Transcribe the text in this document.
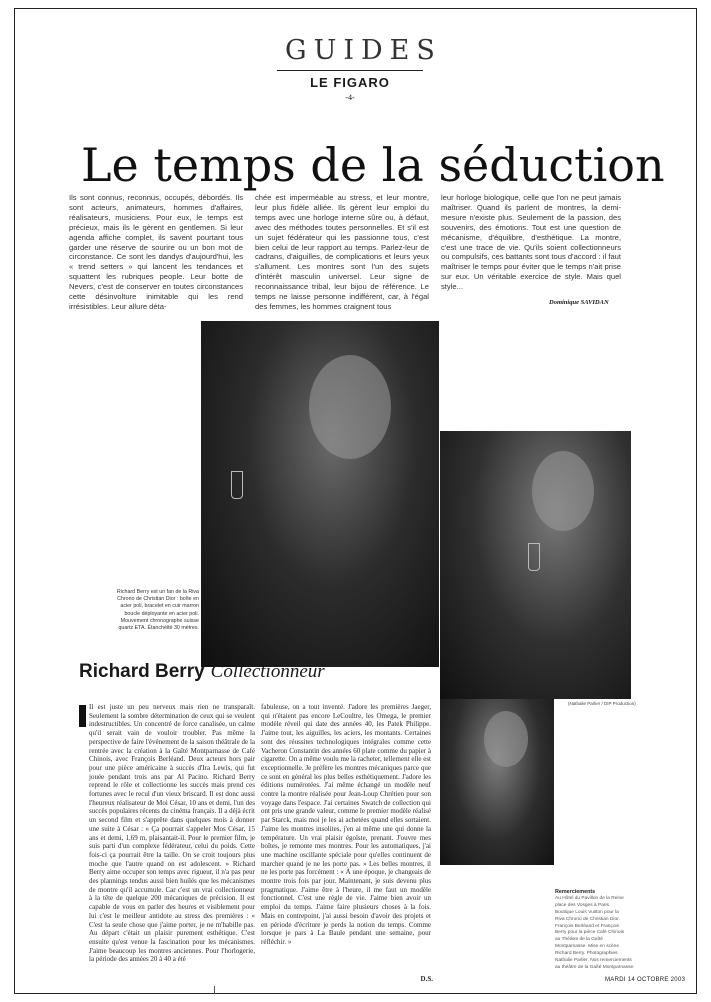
GUIDES
LE FIGARO
-4-
Le temps de la séduction

Ils sont connus, reconnus, occupés, débordés. Ils sont acteurs, animateurs, hommes d'affaires, réalisateurs, musiciens. Pour eux, le temps est précieux, mais ils le gèrent en gentlemen. Si leur agenda affiche complet, ils savent pourtant tous garder une réserve de sourire ou un bon mot de circonstance. Ce sont les dandys d'aujourd'hui, les « trend setters » qui lancent les tendances et squattent les rubriques people. Leur botte de Nevers, c'est de conserver en toutes circonstances cette désinvolture inimitable qui les rend irrésistibles. Leur allure déta-

chée est imperméable au stress, et leur montre, leur plus fidèle alliée. Ils gèrent leur emploi du temps avec une horloge interne sûre ou, à défaut, avec des méthodes toutes personnelles. Et s'il est un sujet fédérateur qui les passionne tous, c'est bien celui de leur rapport au temps. Parlez-leur de cadrans, d'aiguilles, de complications et leurs yeux s'allument. Les montres sont l'un des sujets d'intérêt masculin universel. Leur signe de reconnaissance tribal, leur bijou de référence. Le temps ne laisse personne indifférent, car, à l'égal des femmes, les hommes craignent tous

leur horloge biologique, celle que l'on ne peut jamais maîtriser. Quand ils parlent de montres, la demi-mesure n'existe plus. Seulement de la passion, des souvenirs, des émotions. Tout est une question de mécanisme, d'équilibre, d'esthétique. La montre, c'est une trace de vie. Qu'ils soient collectionneurs ou compulsifs, ces battants sont tous d'accord : il faut maîtriser le temps pour éviter que le temps n'ait prise sur eux. Un véritable exercice de style. Mais quel style...

Dominique SAVIDAN
Richard Berry est un fan de la Riva
Chrono de Christian Dior : boîte en
acier poli, bracelet en cuir marron
boucle déployante en acier poli.
Mouvement chronographe suisse
quartz ETA. Étanchéité 30 mètres.
(Nathalie Parlier / DIP Production)
Richard Berry Collectionneur

Il est juste un peu nerveux mais rien ne transparaît. Seulement la sombre détermination de ceux qui se veulent indestructibles. Un concentré de force canalisée, un calme qu'il serait vain de vouloir troubler. Pas même la perspective de faire l'événement de la saison théâtrale de la rentrée avec la création à la Gaîté Montparnasse de Café Chinois, avec François Berléand. Deux acteurs hors pair pour une pièce américaine à succès d'Ira Lewis, qui fut jouée pendant trois ans par Al Pacino. Richard Berry reprend le rôle et collectionne les succès mais prend ces fortunes avec le recul d'un vieux briscard. Il est donc aussi l'heureux réalisateur de Moi César, 10 ans et demi, l'un des succès populaires récents du cinéma français. Il a déjà écrit un second film et s'apprête dans quelques mois à donner une suite à César : « Ça pourrait s'appeler Mos César, 15 ans et demi, 1,69 m, plaisantait-il. Pour le premier film, je suis parti d'un complexe fédérateur, celui du poids. Cette fois-ci ça pourrait être la taille. On se croit toujours plus moche que l'autre quand on est adolescent. » Richard Berry aime occuper son temps avec rigueur, il n'a pas peur des plannings tendus aussi bien huilés que les mécanismes de montre qu'il accumule. Car c'est un vrai collectionneur à la tête de quelque 200 mécaniques de précision. Il est capable de vous en parler des heures et visiblement pour lui c'est le meilleur antidote au stress des premières : « C'est la seule chose que j'aime porter, je ne m'habille pas. Au départ c'était un plaisir purement esthétique. C'est ensuite qu'est venue la fascination pour les mécanismes. J'aime beaucoup les montres anciennes. Pour l'horlogerie, la période des années 20 à 40 a été

fabuleuse, on a tout inventé. J'adore les premières Jaeger, qui n'étaient pas encore LeCoultre, les Omega, le premier modèle réveil qui date des années 40, les Patek Philippe. J'aime tout, les aiguilles, les aciers, les montants. Certaines sont des réussites technologiques intégrales comme cette Vacheron Constantin des années 60 plate comme du papier à cigarette. On a même voulu me la racheter, tellement elle est exceptionnelle. Je préfère les montres mécaniques parce que ce sont en général les plus belles esthétiquement. J'adore les éditions numérotées. J'ai même échangé un modèle neuf contre la montre réalisée pour Jean-Loup Chrétien pour son voyage dans l'espace. J'ai certaines Swatch de collection qui ont pris une grande valeur, comme le premier modèle réalisé par Starck, mais moi je les ai achetées quand elles sortaient. J'aime les montres insolites, j'en ai même une qui donne la température. Un vrai plaisir égoïste, prenant. J'ouvre mes boîtes, je remonte mes montres. Pour les automatiques, j'ai une machine oscillante spéciale pour qu'elles continuent de marcher quand je ne les porte pas. » Les belles montres, il ne les porte pas forcément : « À une époque, je changeais de montre trois fois par jour. Maintenant, je suis devenu plus pragmatique. J'aime être à l'heure, il me faut un modèle fonctionnel. C'est une règle de vie. J'aime bien avoir un emploi du temps. J'aime faire plusieurs choses à la fois. Mais en contrepoint, j'ai aussi besoin d'avoir des projets et en période d'écriture je perds la notion du temps. Comme lorsque je pars à La Baule pendant une semaine, pour réfléchir. »

D.S.
Remerciements
Au Hôtel du Pavillon de la Reine
place des Vosges à Paris.
Boutique Louis Vuitton pour la
Riva Chrono de Christian Dior.
François Berléand et François
Berry pour la pièce Café Chinois
au Théâtre de la Gaîté
Montparnasse. Mise en scène
Richard Berry. Photographies
Nathalie Parlier. Nos remerciements
au théâtre de la Gaîté Montparnasse.
MARDI 14 OCTOBRE 2003
